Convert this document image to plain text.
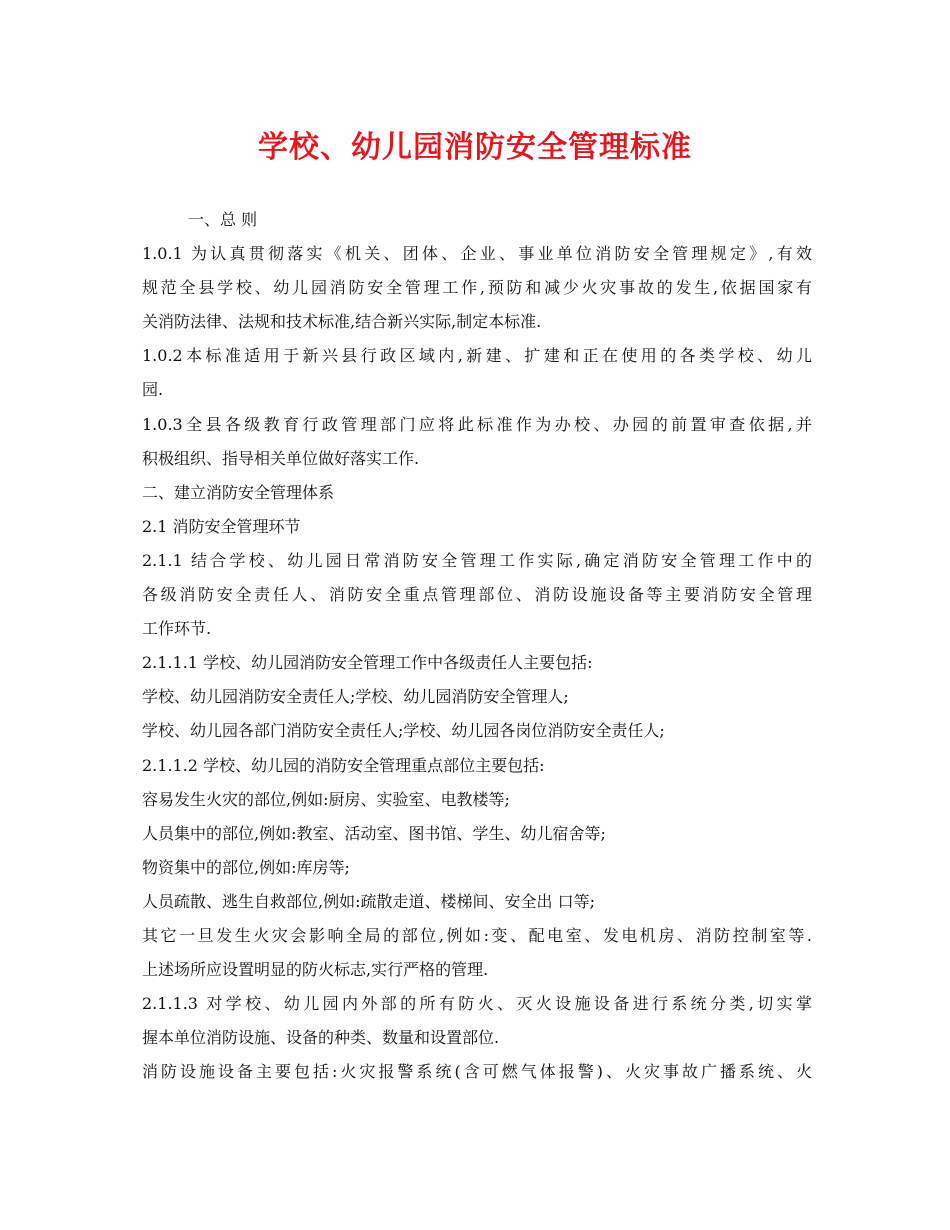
学校、幼儿园消防安全管理标准
一、总 则
1.0.1 为认真贯彻落实《机关、团体、企业、事业单位消防安全管理规定》,有效
规范全县学校、幼儿园消防安全管理工作,预防和减少火灾事故的发生,依据国家有
关消防法律、法规和技术标准,结合新兴实际,制定本标准.
1.0.2本标准适用于新兴县行政区域内,新建、扩建和正在使用的各类学校、幼儿
园.
1.0.3全县各级教育行政管理部门应将此标准作为办校、办园的前置审查依据,并
积极组织、指导相关单位做好落实工作.
二、建立消防安全管理体系
2.1 消防安全管理环节
2.1.1 结合学校、幼儿园日常消防安全管理工作实际,确定消防安全管理工作中的
各级消防安全责任人、消防安全重点管理部位、消防设施设备等主要消防安全管理
工作环节.
2.1.1.1 学校、幼儿园消防安全管理工作中各级责任人主要包括:
学校、幼儿园消防安全责任人;学校、幼儿园消防安全管理人;
学校、幼儿园各部门消防安全责任人;学校、幼儿园各岗位消防安全责任人;
2.1.1.2 学校、幼儿园的消防安全管理重点部位主要包括:
容易发生火灾的部位,例如:厨房、实验室、电教楼等;
人员集中的部位,例如:教室、活动室、图书馆、学生、幼儿宿舍等;
物资集中的部位,例如:库房等;
人员疏散、逃生自救部位,例如:疏散走道、楼梯间、安全出 口等;
其它一旦发生火灾会影响全局的部位,例如:变、配电室、发电机房、消防控制室等.
上述场所应设置明显的防火标志,实行严格的管理.
2.1.1.3 对学校、幼儿园内外部的所有防火、灭火设施设备进行系统分类,切实掌
握本单位消防设施、设备的种类、数量和设置部位.
消防设施设备主要包括:火灾报警系统(含可燃气体报警)、火灾事故广播系统、火
